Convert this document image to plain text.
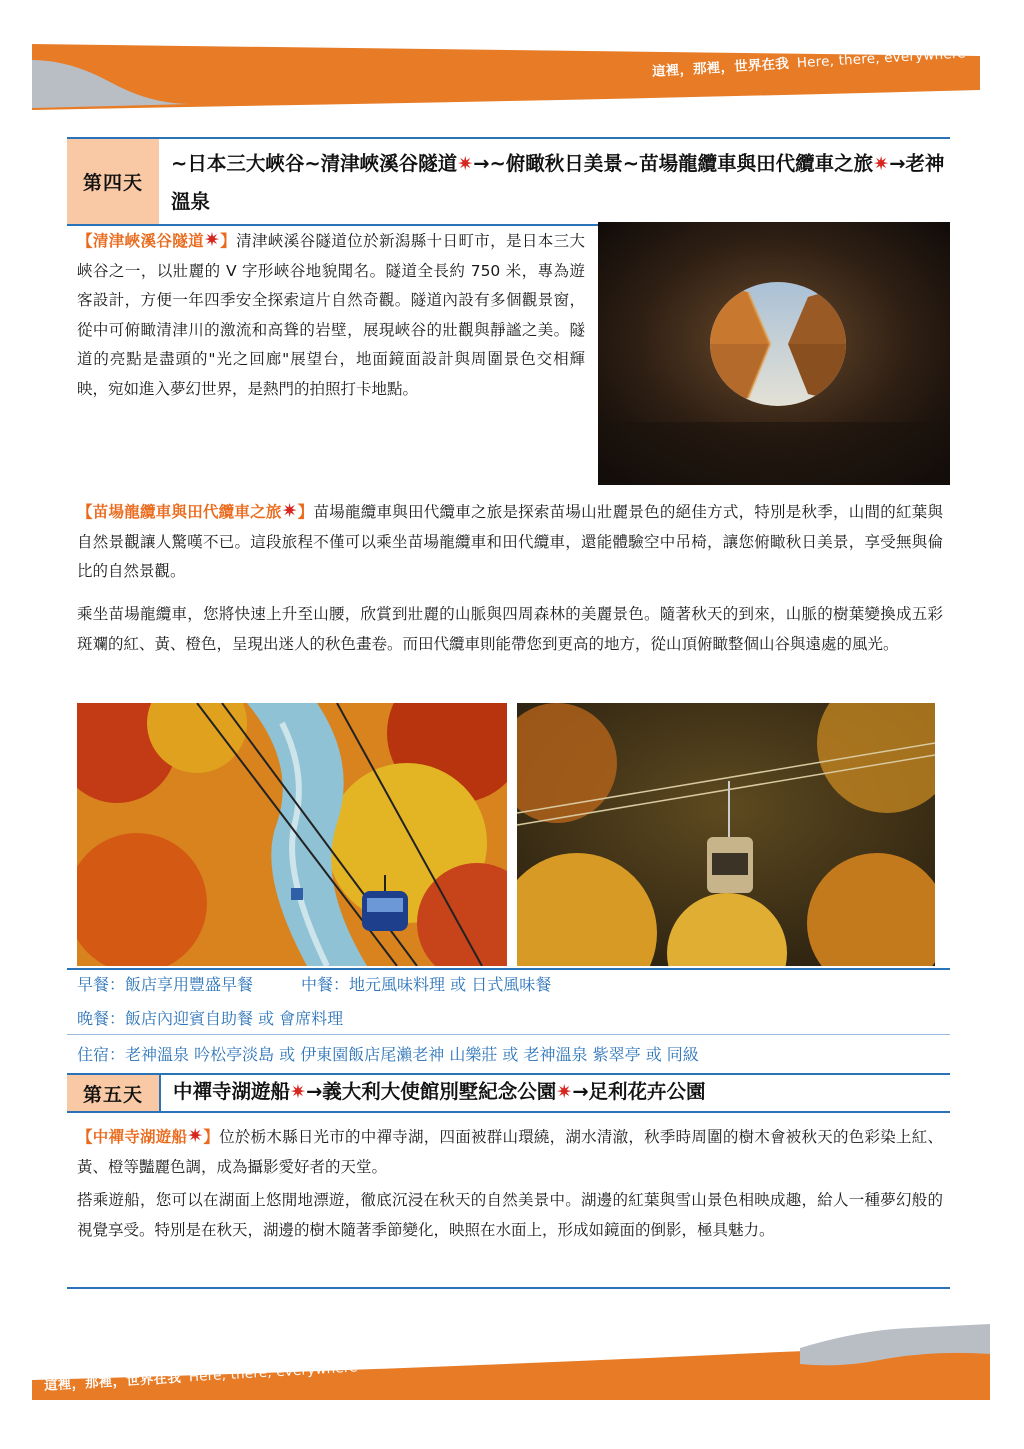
這裡，那裡，世界在我 Here, there, everywhere
第四天
~日本三大峽谷~清津峽溪谷隧道✷→~俯瞰秋日美景~苗場龍纜車與田代纜車之旅✷→老神溫泉
【清津峽溪谷隧道✷】清津峽溪谷隧道位於新潟縣十日町市，是日本三大峽谷之一，以壯麗的 V 字形峽谷地貌聞名。隧道全長約 750 米，專為遊客設計，方便一年四季安全探索這片自然奇觀。隧道內設有多個觀景窗，從中可俯瞰清津川的激流和高聳的岩壁，展現峽谷的壯觀與靜謐之美。隧道的亮點是盡頭的"光之回廊"展望台，地面鏡面設計與周圍景色交相輝映，宛如進入夢幻世界，是熱門的拍照打卡地點。
【苗場龍纜車與田代纜車之旅✷】苗場龍纜車與田代纜車之旅是探索苗場山壯麗景色的絕佳方式，特別是秋季，山間的紅葉與自然景觀讓人驚嘆不已。這段旅程不僅可以乘坐苗場龍纜車和田代纜車，還能體驗空中吊椅，讓您俯瞰秋日美景，享受無與倫比的自然景觀。
乘坐苗場龍纜車，您將快速上升至山腰，欣賞到壯麗的山脈與四周森林的美麗景色。隨著秋天的到來，山脈的樹葉變換成五彩斑斕的紅、黃、橙色，呈現出迷人的秋色畫卷。而田代纜車則能帶您到更高的地方，從山頂俯瞰整個山谷與遠處的風光。
早餐：飯店享用豐盛早餐	中餐：地元風味料理 或 日式風味餐
晚餐：飯店內迎賓自助餐 或 會席料理
住宿：老神溫泉 吟松亭淡島 或 伊東園飯店尾瀨老神 山樂莊 或 老神溫泉 紫翠亭 或 同級
第五天	中禪寺湖遊船✷→義大利大使館別墅紀念公園✷→足利花卉公園
【中禪寺湖遊船✷】位於栃木縣日光市的中禪寺湖，四面被群山環繞，湖水清澈，秋季時周圍的樹木會被秋天的色彩染上紅、黃、橙等豔麗色調，成為攝影愛好者的天堂。
搭乘遊船，您可以在湖面上悠閒地漂遊，徹底沉浸在秋天的自然美景中。湖邊的紅葉與雪山景色相映成趣，給人一種夢幻般的視覺享受。特別是在秋天，湖邊的樹木隨著季節變化，映照在水面上，形成如鏡面的倒影，極具魅力。
這裡，那裡，世界在我 Here, there, everywhere
